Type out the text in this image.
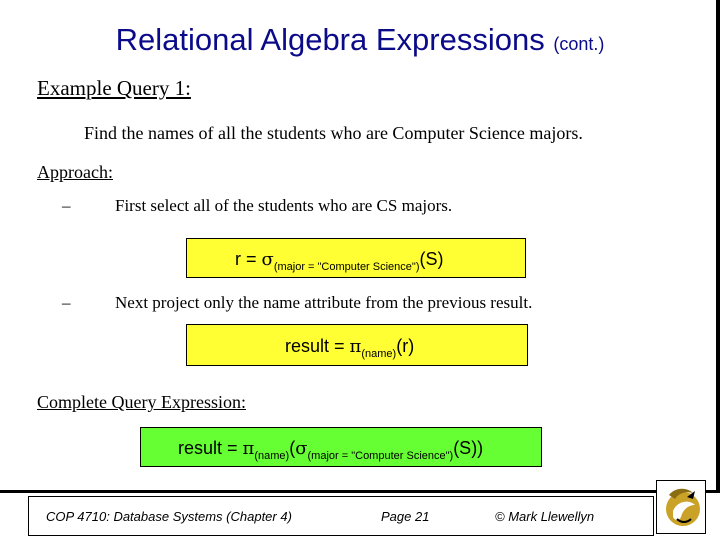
Relational Algebra Expressions (cont.)
Example Query 1:
Find the names of all the students who are Computer Science majors.
Approach:
–	First select all of the students who are CS majors.
$r = \sigma_{(major = "Computer Science")}(S)$
–	Next project only the name attribute from the previous result.
result = $\pi_{(name)}(r)$
Complete Query Expression:
result = $\pi_{(name)}(\sigma_{(major = "Computer Science")}(S))$
COP 4710: Database Systems (Chapter 4)	Page 21	© Mark Llewellyn
